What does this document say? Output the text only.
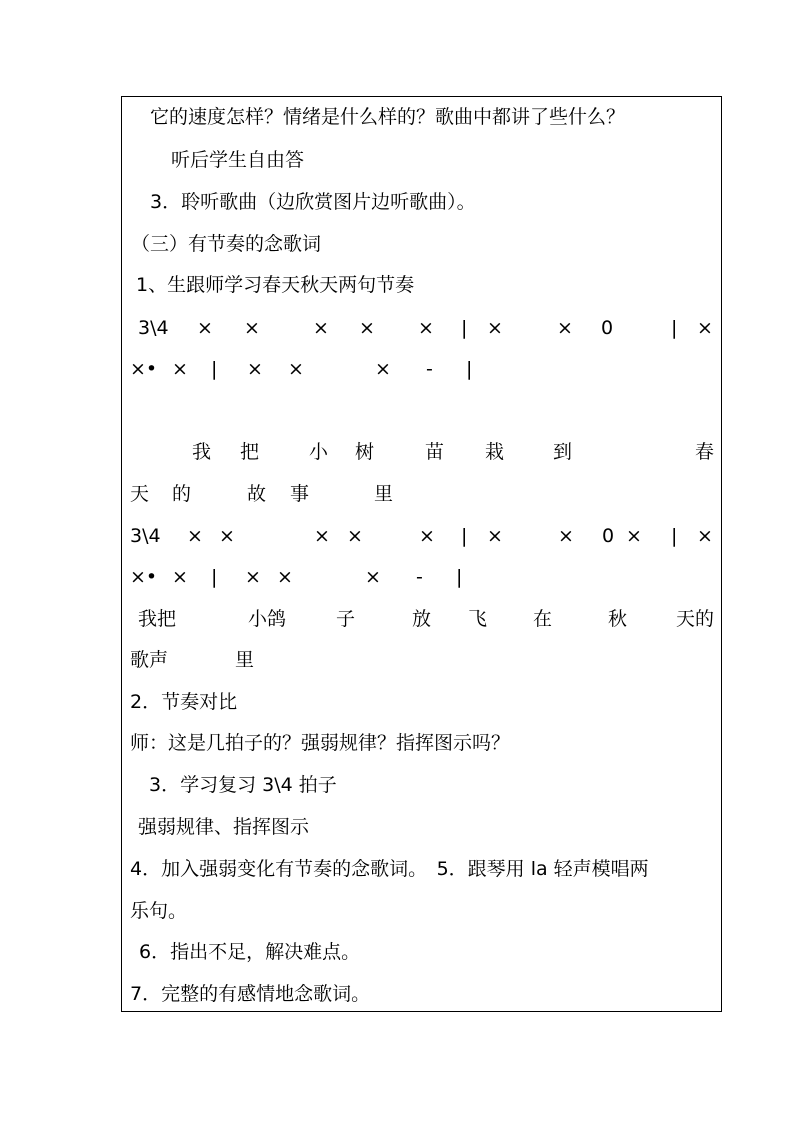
它的速度怎样？情绪是什么样的？歌曲中都讲了些什么？
听后学生自由答
3．聆听歌曲（边欣赏图片边听歌曲）。
（三）有节奏的念歌词
1、生跟师学习春天秋天两句节奏
3\4 × ×	× × × | ×	× 0	| ×
×• × | × ×	× - |
我 把	小 树	苗 栽	到	春
天 的	故 事	里
3\4 × ×	× ×	× | ×	× 0 × | ×
×• × | × ×	× - |
我把	小鸽	子	放 飞 在	秋	天的
歌声	里
2．节奏对比
师：这是几拍子的？强弱规律？指挥图示吗？
3．学习复习 3\4 拍子
强弱规律、指挥图示
4．加入强弱变化有节奏的念歌词。　5．跟琴用 la 轻声模唱两
乐句。
6．指出不足，解决难点。
7．完整的有感情地念歌词。
